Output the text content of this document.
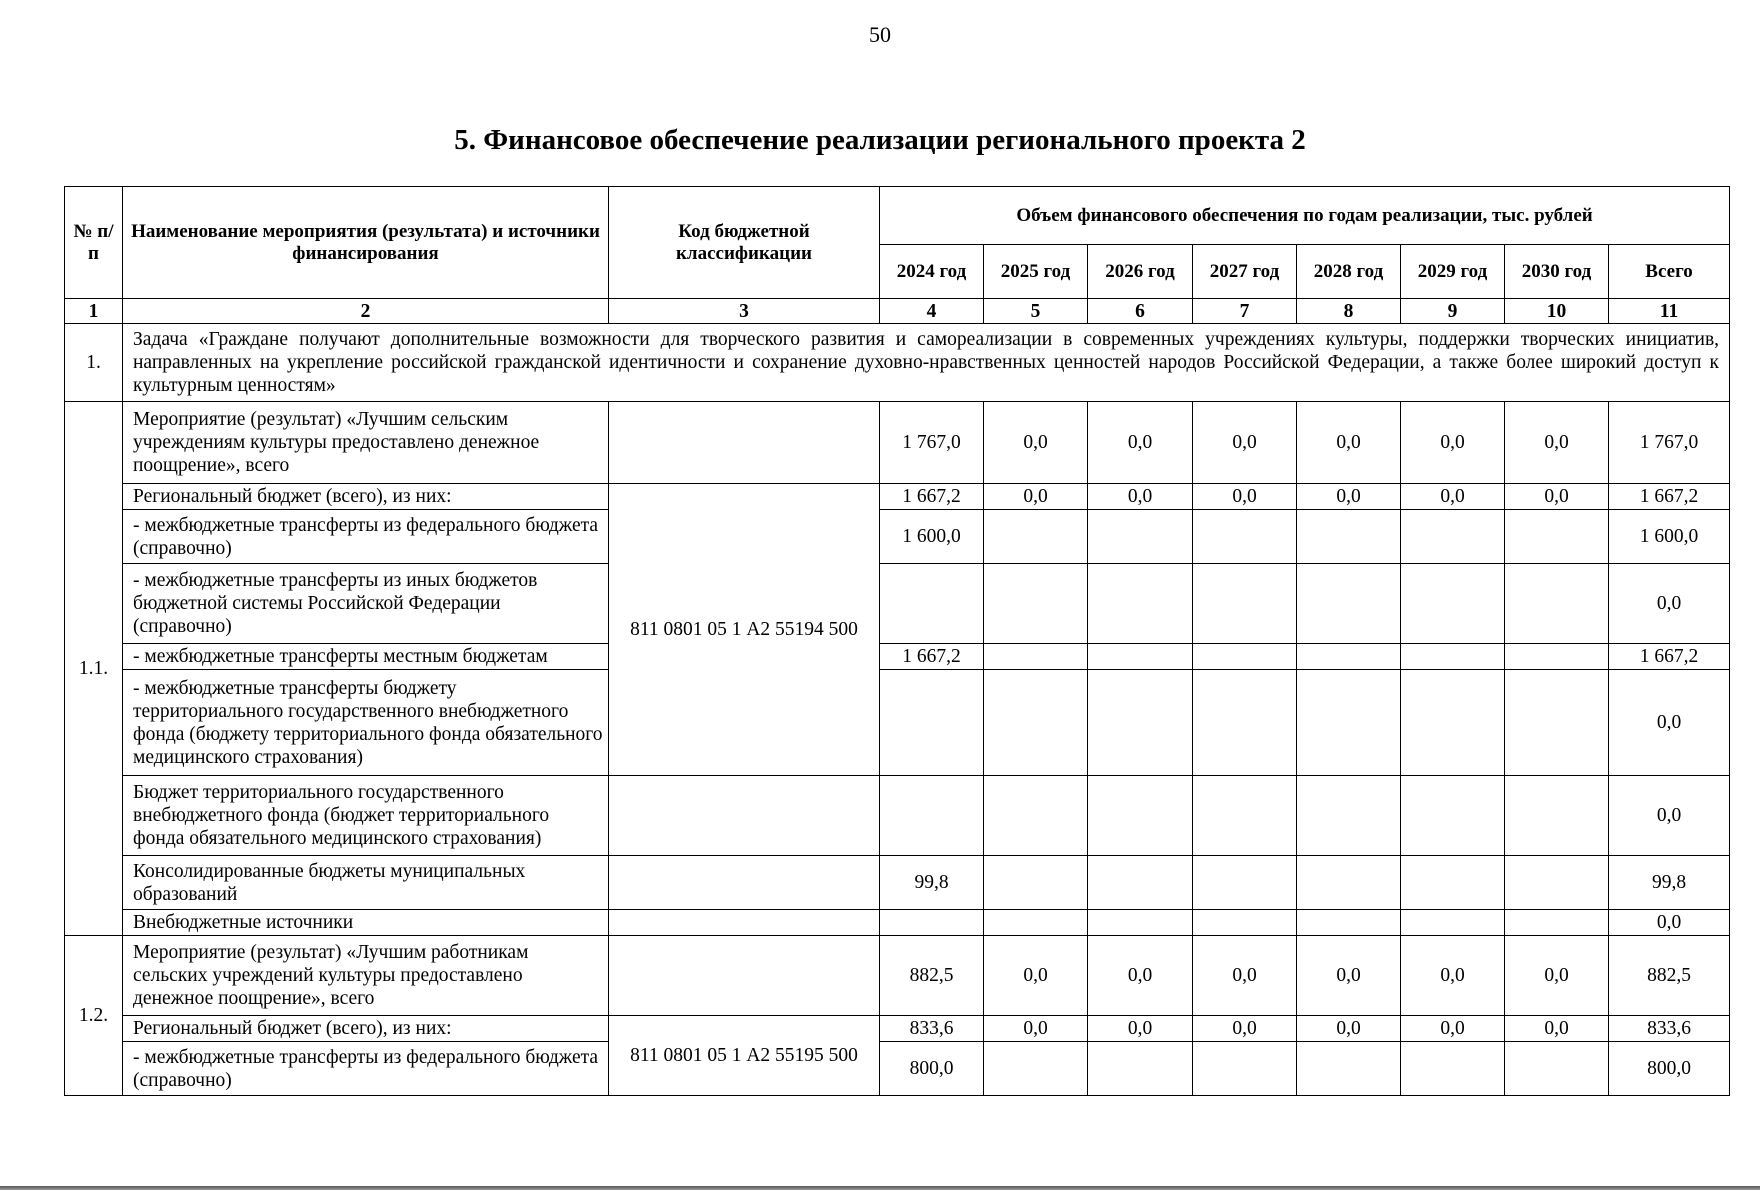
50
5. Финансовое обеспечение реализации регионального проекта 2
№ п/п	Наименование мероприятия (результата) и источники финансирования	Код бюджетной классификации	Объем финансового обеспечения по годам реализации, тыс. рублей							
			2024 год	2025 год	2026 год	2027 год	2028 год	2029 год	2030 год	Всего
1	2	3	4	5	6	7	8	9	10	11
1.	Задача «Граждане получают дополнительные возможности для творческого развития и самореализации в современных учреждениях культуры, поддержки творческих инициатив, направленных на укрепление российской гражданской идентичности и сохранение духовно-нравственных ценностей народов Российской Федерации, а также более широкий доступ к культурным ценностям»									
1.1.	Мероприятие (результат) «Лучшим сельским учреждениям культуры предоставлено денежное поощрение», всего		1 767,0	0,0	0,0	0,0	0,0	0,0	0,0	1 767,0
	Региональный бюджет (всего), из них:	811 0801 05 1 А2 55194 500	1 667,2	0,0	0,0	0,0	0,0	0,0	0,0	1 667,2
	- межбюджетные трансферты из федерального бюджета (справочно)		1 600,0							1 600,0
	- межбюджетные трансферты из иных бюджетов бюджетной системы Российской Федерации (справочно)									0,0
	- межбюджетные трансферты местным бюджетам		1 667,2							1 667,2
	- межбюджетные трансферты бюджету территориального государственного внебюджетного фонда (бюджету территориального фонда обязательного медицинского страхования)									0,0
	Бюджет территориального государственного внебюджетного фонда (бюджет территориального фонда обязательного медицинского страхования)									0,0
	Консолидированные бюджеты муниципальных образований		99,8							99,8
	Внебюджетные источники									0,0
1.2.	Мероприятие (результат) «Лучшим работникам сельских учреждений культуры предоставлено денежное поощрение», всего		882,5	0,0	0,0	0,0	0,0	0,0	0,0	882,5
	Региональный бюджет (всего), из них:	811 0801 05 1 А2 55195 500	833,6	0,0	0,0	0,0	0,0	0,0	0,0	833,6
	- межбюджетные трансферты из федерального бюджета (справочно)		800,0							800,0
